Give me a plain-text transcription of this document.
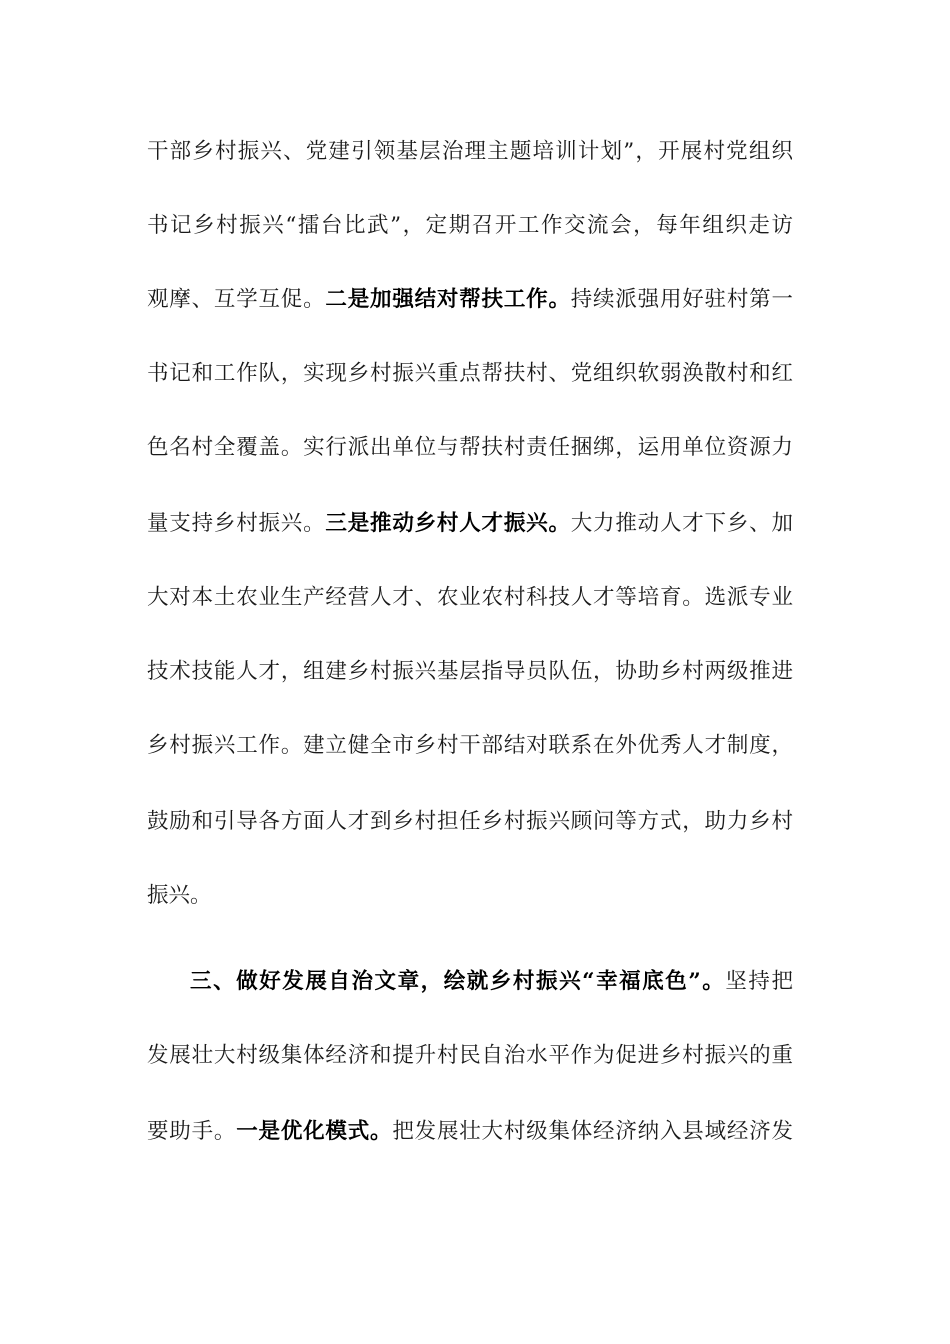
干部乡村振兴、党建引领基层治理主题培训计划”，开展村党组织
书记乡村振兴“擂台比武”，定期召开工作交流会，每年组织走访
观摩、互学互促。二是加强结对帮扶工作。持续派强用好驻村第一
书记和工作队，实现乡村振兴重点帮扶村、党组织软弱涣散村和红
色名村全覆盖。实行派出单位与帮扶村责任捆绑，运用单位资源力
量支持乡村振兴。三是推动乡村人才振兴。大力推动人才下乡、加
大对本土农业生产经营人才、农业农村科技人才等培育。选派专业
技术技能人才，组建乡村振兴基层指导员队伍，协助乡村两级推进
乡村振兴工作。建立健全市乡村干部结对联系在外优秀人才制度，
鼓励和引导各方面人才到乡村担任乡村振兴顾问等方式，助力乡村
振兴。
三、做好发展自治文章，绘就乡村振兴“幸福底色”。坚持把
发展壮大村级集体经济和提升村民自治水平作为促进乡村振兴的重
要助手。一是优化模式。把发展壮大村级集体经济纳入县域经济发
